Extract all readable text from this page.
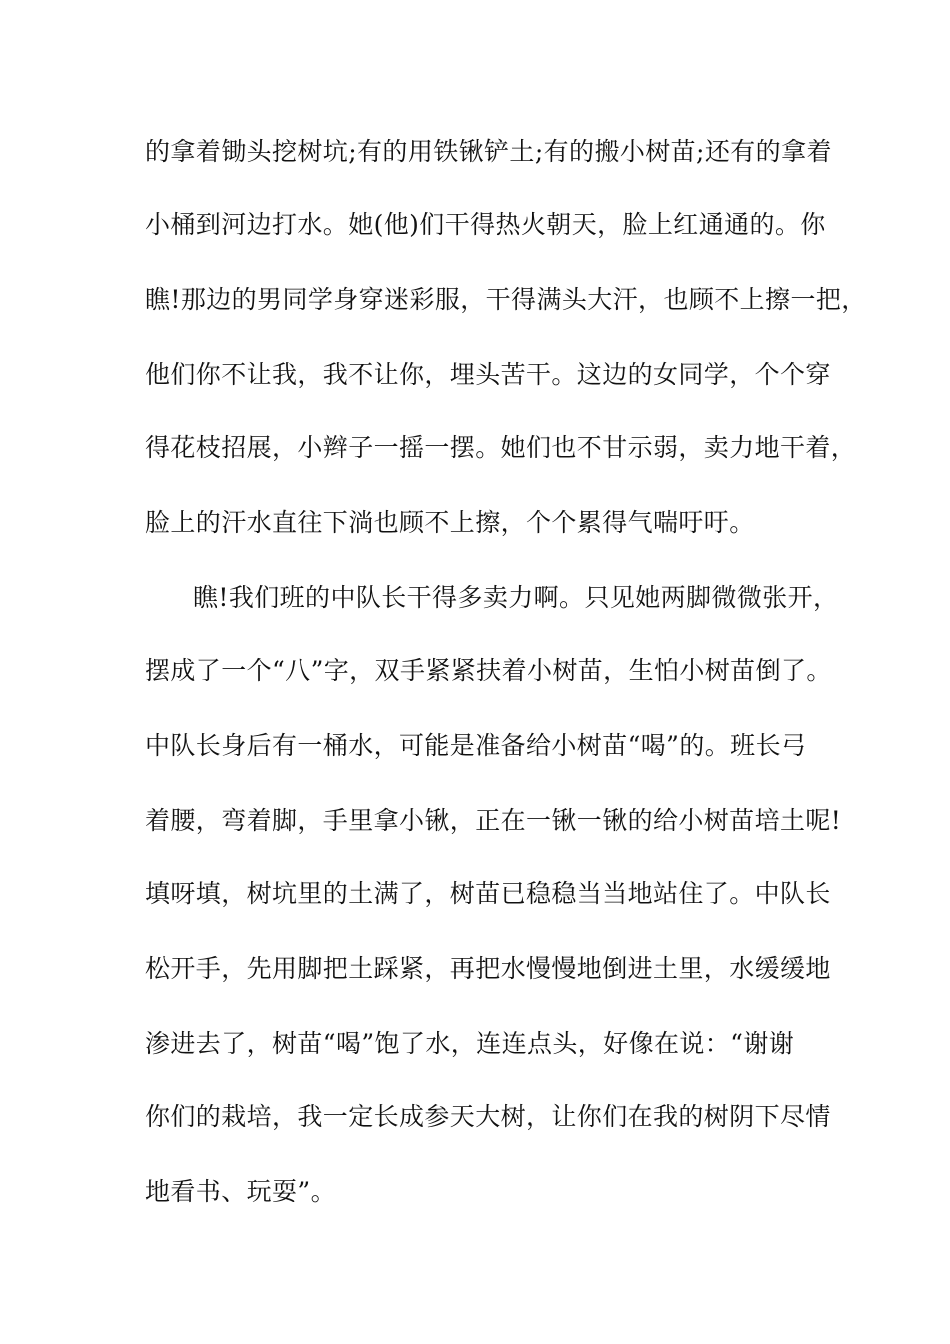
的拿着锄头挖树坑;有的用铁锹铲土;有的搬小树苗;还有的拿着
小桶到河边打水。她(他)们干得热火朝天，脸上红通通的。你
瞧!那边的男同学身穿迷彩服，干得满头大汗，也顾不上擦一把，
他们你不让我，我不让你，埋头苦干。这边的女同学，个个穿
得花枝招展，小辫子一摇一摆。她们也不甘示弱，卖力地干着，
脸上的汗水直往下淌也顾不上擦，个个累得气喘吁吁。
瞧!我们班的中队长干得多卖力啊。只见她两脚微微张开，
摆成了一个“八”字，双手紧紧扶着小树苗，生怕小树苗倒了。
中队长身后有一桶水，可能是准备给小树苗“喝”的。班长弓
着腰，弯着脚，手里拿小锹，正在一锹一锹的给小树苗培土呢!
填呀填，树坑里的土满了，树苗已稳稳当当地站住了。中队长
松开手，先用脚把土踩紧，再把水慢慢地倒进土里，水缓缓地
渗进去了，树苗“喝”饱了水，连连点头，好像在说：“谢谢
你们的栽培，我一定长成参天大树，让你们在我的树阴下尽情
地看书、玩耍”。
